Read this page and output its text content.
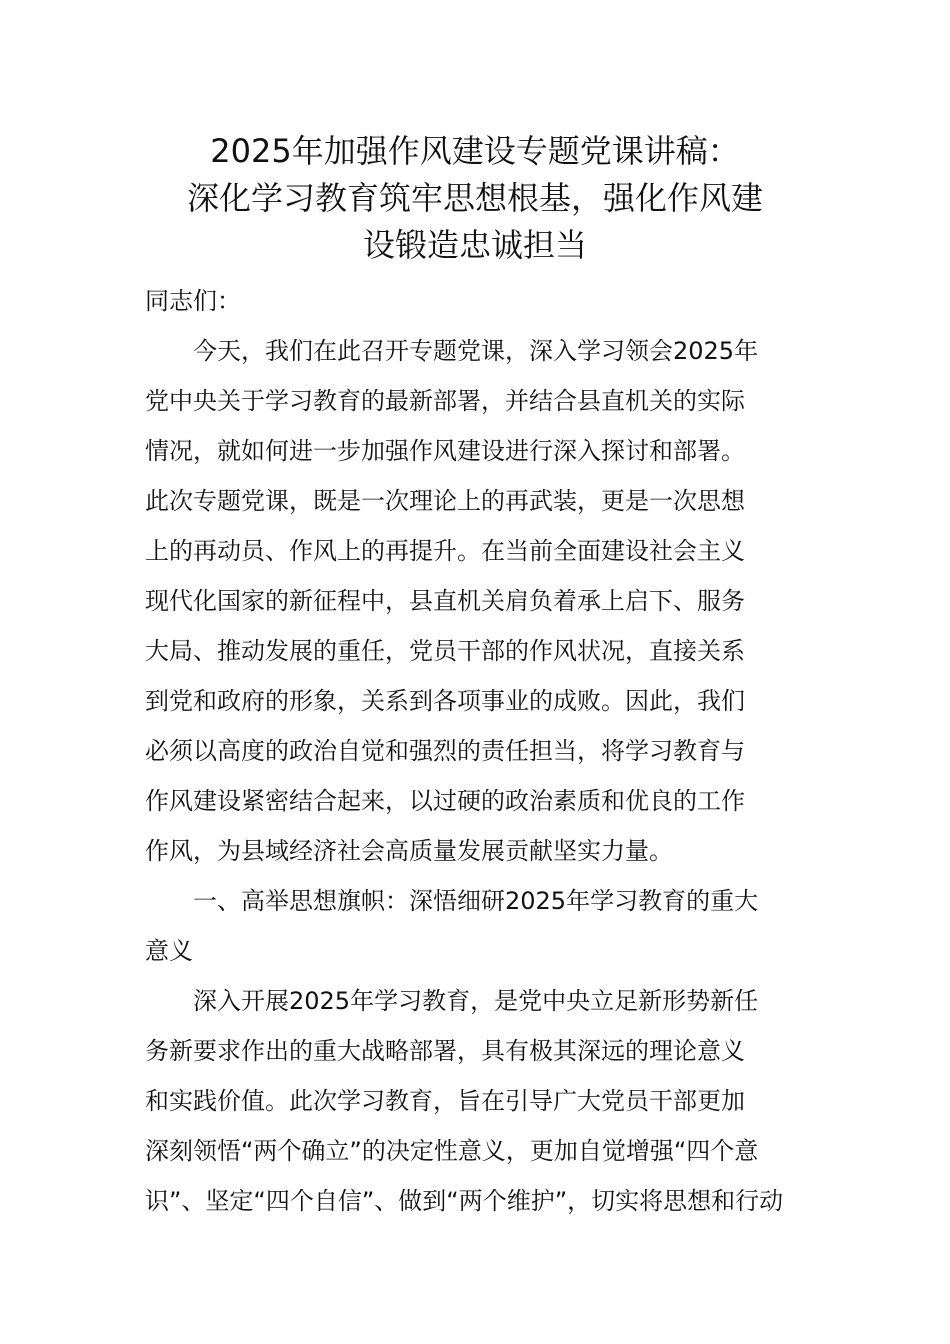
2025年加强作风建设专题党课讲稿：
深化学习教育筑牢思想根基，强化作风建
设锻造忠诚担当
同志们：

今天，我们在此召开专题党课，深入学习领会2025年
党中央关于学习教育的最新部署，并结合县直机关的实际
情况，就如何进一步加强作风建设进行深入探讨和部署。
此次专题党课，既是一次理论上的再武装，更是一次思想
上的再动员、作风上的再提升。在当前全面建设社会主义
现代化国家的新征程中，县直机关肩负着承上启下、服务
大局、推动发展的重任，党员干部的作风状况，直接关系
到党和政府的形象，关系到各项事业的成败。因此，我们
必须以高度的政治自觉和强烈的责任担当，将学习教育与
作风建设紧密结合起来，以过硬的政治素质和优良的工作
作风，为县域经济社会高质量发展贡献坚实力量。

一、高举思想旗帜：深悟细研2025年学习教育的重大
意义

深入开展2025年学习教育，是党中央立足新形势新任
务新要求作出的重大战略部署，具有极其深远的理论意义
和实践价值。此次学习教育，旨在引导广大党员干部更加
深刻领悟“两个确立”的决定性意义，更加自觉增强“四个意
识”、坚定“四个自信”、做到“两个维护”，切实将思想和行动
